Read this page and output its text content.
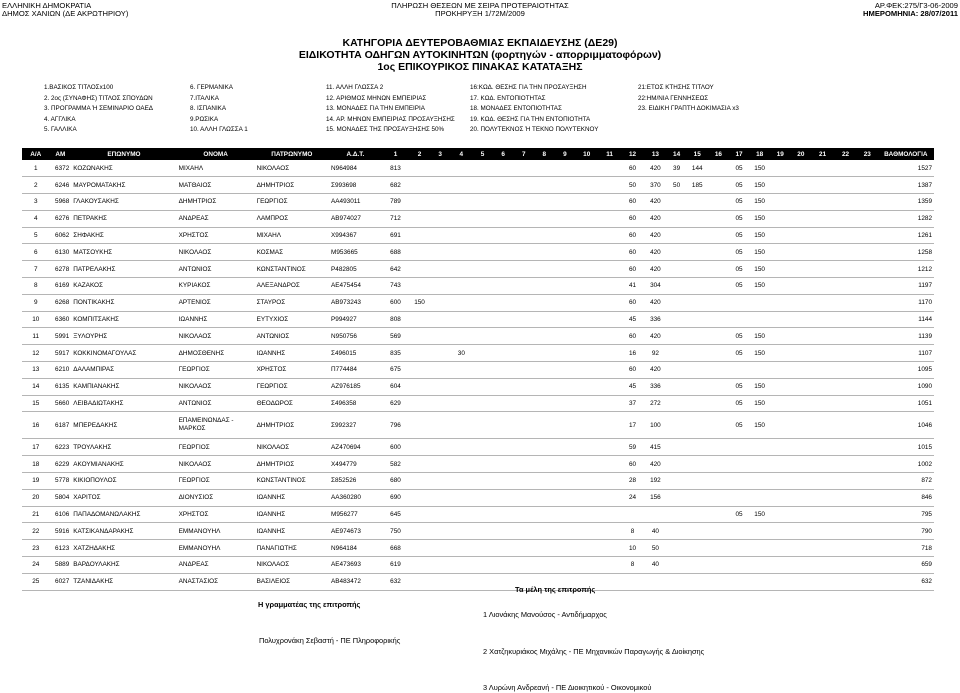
ΕΛΛΗΝΙΚΗ ΔΗΜΟΚΡΑΤΙΑ
ΔΗΜΟΣ ΧΑΝΙΩΝ (ΔΕ ΑΚΡΩΤΗΡΙΟΥ)
ΠΛΗΡΩΣΗ ΘΕΣΕΩΝ ΜΕ ΣΕΙΡΑ ΠΡΟΤΕΡΑΙΟΤΗΤΑΣ
ΠΡΟΚΗΡΥΞΗ 1/72Μ/2009
ΑΡ.ΦΕΚ:275/Γ3-06-2009
ΗΜΕΡΟΜΗΝΙΑ: 28/07/2011
ΚΑΤΗΓΟΡΙΑ ΔΕΥΤΕΡΟΒΑΘΜΙΑΣ ΕΚΠΑΙΔΕΥΣΗΣ (ΔΕ29)
ΕΙΔΙΚΟΤΗΤΑ ΟΔΗΓΩΝ ΑΥΤΟΚΙΝΗΤΩΝ (φορτηγών - απορριμματοφόρων)
1ος ΕΠΙΚΟΥΡΙΚΟΣ ΠΙΝΑΚΑΣ ΚΑΤΑΤΑΞΗΣ
1.ΒΑΣΙΚΟΣ ΤΙΤΛΟΣx100
2. 2ος (ΣΥΝΑΦΗΣ) ΤΙΤΛΟΣ ΣΠΟΥΔΩΝ
3. ΠΡΟΓΡΑΜΜΑ Ή ΣΕΜΙΝΑΡΙΟ ΟΑΕΔ
4. ΑΓΓΛΙΚΑ
5. ΓΑΛΛΙΚΑ
6. ΓΕΡΜΑΝΙΚΑ
7.ΙΤΑΛΙΚΑ
8. ΙΣΠΑΝΙΚΑ
9.ΡΩΣΙΚΑ
10. ΑΛΛΗ ΓΛΩΣΣΑ 1
11. ΑΛΛΗ ΓΛΩΣΣΑ 2
12. ΑΡΙΘΜΟΣ ΜΗΝΩΝ ΕΜΠΕΙΡΙΑΣ
13. ΜΟΝΑΔΕΣ ΓΙΑ ΤΗΝ ΕΜΠΕΙΡΙΑ
14. ΑΡ. ΜΗΝΩΝ ΕΜΠΕΙΡΙΑΣ ΠΡΟΣΑΥΞΗΣΗΣ
15. ΜΟΝΑΔΕΣ ΤΗΣ ΠΡΟΣΑΥΞΗΣΗΣ 50%
16:ΚΩΔ. ΘΕΣΗΣ ΓΙΑ ΤΗΝ ΠΡΟΣΑΥΞΗΣΗ
17. ΚΩΔ. ΕΝΤΟΠΙΟΤΗΤΑΣ
18. ΜΟΝΑΔΕΣ ΕΝΤΟΠΙΟΤΗΤΑΣ
19. ΚΩΔ. ΘΕΣΗΣ ΓΙΑ ΤΗΝ ΕΝΤΟΠΙΟΤΗΤΑ
20. ΠΟΛΥΤΕΚΝΟΣ Ή ΤΕΚΝΟ ΠΟΛΥΤΕΚΝΟΥ
21:ΕΤΟΣ ΚΤΗΣΗΣ ΤΙΤΛΟΥ
22:ΗΜ/ΝΙΑ ΓΕΝΝΗΣΕΩΣ
23. ΕΙΔΙΚΗ ΓΡΑΠΤΗ ΔΟΚΙΜΑΣΙΑ x3
Α/Α	ΑΜ	ΕΠΩΝΥΜΟ	ΟΝΟΜΑ	ΠΑΤΡΩΝΥΜΟ	Α.Δ.Τ.	1	2	3	4	5	6	7	8	9	10	11	12	13	14	15	16	17	18	19	20	21	22	23	ΒΑΘΜΟΛΟΓΙΑ
1	6372	ΚΟΖΩΝΑΚΗΣ	ΜΙΧΑΗΛ	ΝΙΚΟΛΑΟΣ	Ν964984	813											60	420	39	144		05	150						1527
2	6246	ΜΑΥΡΟΜΑΤΑΚΗΣ	ΜΑΤΘΑΙΟΣ	ΔΗΜΗΤΡΙΟΣ	Σ993698	682											50	370	50	185		05	150						1387
3	5968	ΓΛΑΚΟΥΣΑΚΗΣ	ΔΗΜΗΤΡΙΟΣ	ΓΕΩΡΓΙΟΣ	ΑΑ493011	789											60	420				05	150						1359
4	6276	ΠΕΤΡΑΚΗΣ	ΑΝΔΡΕΑΣ	ΛΑΜΠΡΟΣ	ΑΒ974027	712											60	420				05	150						1282
5	6062	ΣΗΦΑΚΗΣ	ΧΡΗΣΤΟΣ	ΜΙΧΑΗΛ	Χ994367	691											60	420				05	150						1261
6	6130	ΜΑΤΣΟΥΚΗΣ	ΝΙΚΟΛΑΟΣ	ΚΟΣΜΑΣ	Μ953665	688											60	420				05	150						1258
7	6278	ΠΑΤΡΕΛΑΚΗΣ	ΑΝΤΩΝΙΟΣ	ΚΩΝΣΤΑΝΤΙΝΟΣ	Ρ482805	642											60	420				05	150						1212
8	6169	ΚΑΖΑΚΟΣ	ΚΥΡΙΑΚΟΣ	ΑΛΕΞΑΝΔΡΟΣ	ΑΕ475454	743											41	304				05	150						1197
9	6268	ΠΟΝΤΙΚΑΚΗΣ	ΑΡΤΕΝΙΟΣ	ΣΤΑΥΡΟΣ	ΑΒ973243	600	150										60	420											1170
10	6360	ΚΟΜΠΙΤΣΑΚΗΣ	ΙΩΑΝΝΗΣ	ΕΥΤΥΧΙΟΣ	Ρ994927	808											45	336											1144
11	5991	ΞΥΛΟΥΡΗΣ	ΝΙΚΟΛΑΟΣ	ΑΝΤΩΝΙΟΣ	Ν950756	569											60	420				05	150						1139
12	5917	ΚΟΚΚΙΝΟΜΑΓΟΥΛΑΣ	ΔΗΜΟΣΘΕΝΗΣ	ΙΩΑΝΝΗΣ	Σ496015	835			30								16	92				05	150						1107
13	6210	ΔΑΛΑΜΠΙΡΑΣ	ΓΕΩΡΓΙΟΣ	ΧΡΗΣΤΟΣ	Π774484	675											60	420											1095
14	6135	ΚΑΜΠΙΑΝΑΚΗΣ	ΝΙΚΟΛΑΟΣ	ΓΕΩΡΓΙΟΣ	ΑΖ976185	604											45	336				05	150						1090
15	5660	ΛΕΙΒΑΔΙΩΤΑΚΗΣ	ΑΝΤΩΝΙΟΣ	ΘΕΟΔΩΡΟΣ	Σ496358	629											37	272				05	150						1051
16	6187	ΜΠΕΡΕΔΑΚΗΣ	ΕΠΑΜΕΙΝΩΝΔΑΣ - ΜΑΡΚΟΣ	ΔΗΜΗΤΡΙΟΣ	Σ992327	796											17	100				05	150						1046
17	6223	ΤΡΟΥΛΑΚΗΣ	ΓΕΩΡΓΙΟΣ	ΝΙΚΟΛΑΟΣ	ΑΖ470694	600											59	415											1015
18	6229	ΑΚΟΥΜΙΑΝΑΚΗΣ	ΝΙΚΟΛΑΟΣ	ΔΗΜΗΤΡΙΟΣ	Χ494779	582											60	420											1002
19	5778	ΚΙΚΙΟΠΟΥΛΟΣ	ΓΕΩΡΓΙΟΣ	ΚΩΝΣΤΑΝΤΙΝΟΣ	Σ852526	680											28	192											872
20	5804	ΧΑΡΙΤΟΣ	ΔΙΟΝΥΣΙΟΣ	ΙΩΑΝΝΗΣ	ΑΑ360280	690											24	156											846
21	6106	ΠΑΠΑΔΟΜΑΝΩΛΑΚΗΣ	ΧΡΗΣΤΟΣ	ΙΩΑΝΝΗΣ	Μ956277	645																05	150						795
22	5916	ΚΑΤΣΙΚΑΝΔΑΡΑΚΗΣ	ΕΜΜΑΝΟΥΗΛ	ΙΩΑΝΝΗΣ	ΑΕ974673	750											8	40											790
23	6123	ΧΑΤΖΗΔΑΚΗΣ	ΕΜΜΑΝΟΥΗΛ	ΠΑΝΑΓΙΩΤΗΣ	Ν964184	668											10	50											718
24	5889	ΒΑΡΔΟΥΛΑΚΗΣ	ΑΝΔΡΕΑΣ	ΝΙΚΟΛΑΟΣ	ΑΕ473693	619											8	40											659
25	6027	ΤΖΑΝΙΔΑΚΗΣ	ΑΝΑΣΤΑΣΙΟΣ	ΒΑΣΙΛΕΙΟΣ	ΑΒ483472	632																							632
Η γραμματέας της επιτροπής
Πολυχρονάκη Σεβαστή - ΠΕ Πληροφορικής
Τα μέλη της επιτροπής
1 Λιονάκης Μανούσος - Αντιδήμαρχος
2 Χατζηκυριάκος Μιχάλης - ΠΕ Μηχανικών Παραγωγής & Διοίκησης
3 Λυρώνη Ανδρεανή - ΠΕ Διοικητικού - Οικονομικού
